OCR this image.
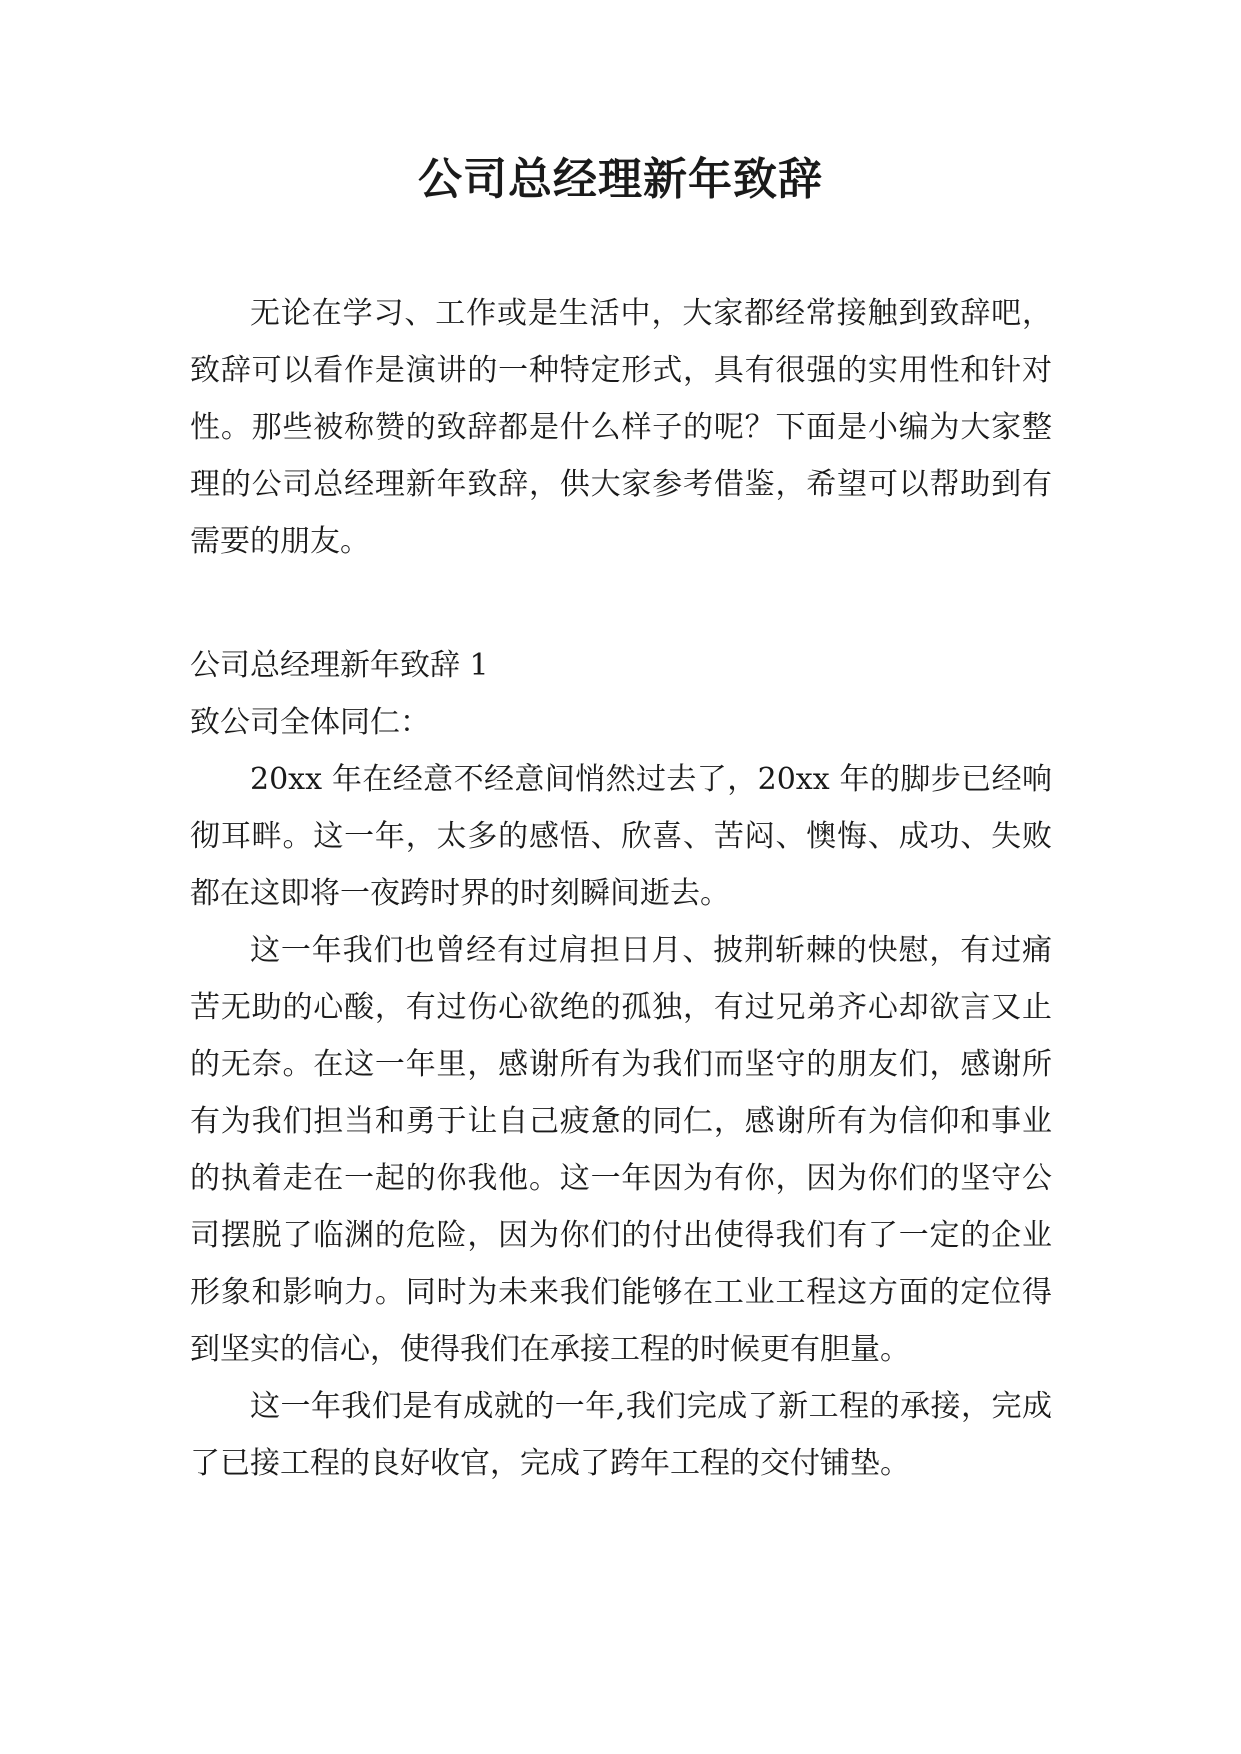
公司总经理新年致辞

无论在学习、工作或是生活中，大家都经常接触到致辞吧，致辞可以看作是演讲的一种特定形式，具有很强的实用性和针对性。那些被称赞的致辞都是什么样子的呢？下面是小编为大家整理的公司总经理新年致辞，供大家参考借鉴，希望可以帮助到有需要的朋友。

公司总经理新年致辞 1

致公司全体同仁：

20xx 年在经意不经意间悄然过去了，20xx 年的脚步已经响彻耳畔。这一年，太多的感悟、欣喜、苦闷、懊悔、成功、失败都在这即将一夜跨时界的时刻瞬间逝去。

这一年我们也曾经有过肩担日月、披荆斩棘的快慰，有过痛苦无助的心酸，有过伤心欲绝的孤独，有过兄弟齐心却欲言又止的无奈。在这一年里，感谢所有为我们而坚守的朋友们，感谢所有为我们担当和勇于让自己疲惫的同仁，感谢所有为信仰和事业的执着走在一起的你我他。这一年因为有你，因为你们的坚守公司摆脱了临渊的危险，因为你们的付出使得我们有了一定的企业形象和影响力。同时为未来我们能够在工业工程这方面的定位得到坚实的信心，使得我们在承接工程的时候更有胆量。

这一年我们是有成就的一年,我们完成了新工程的承接，完成了已接工程的良好收官，完成了跨年工程的交付铺垫。
